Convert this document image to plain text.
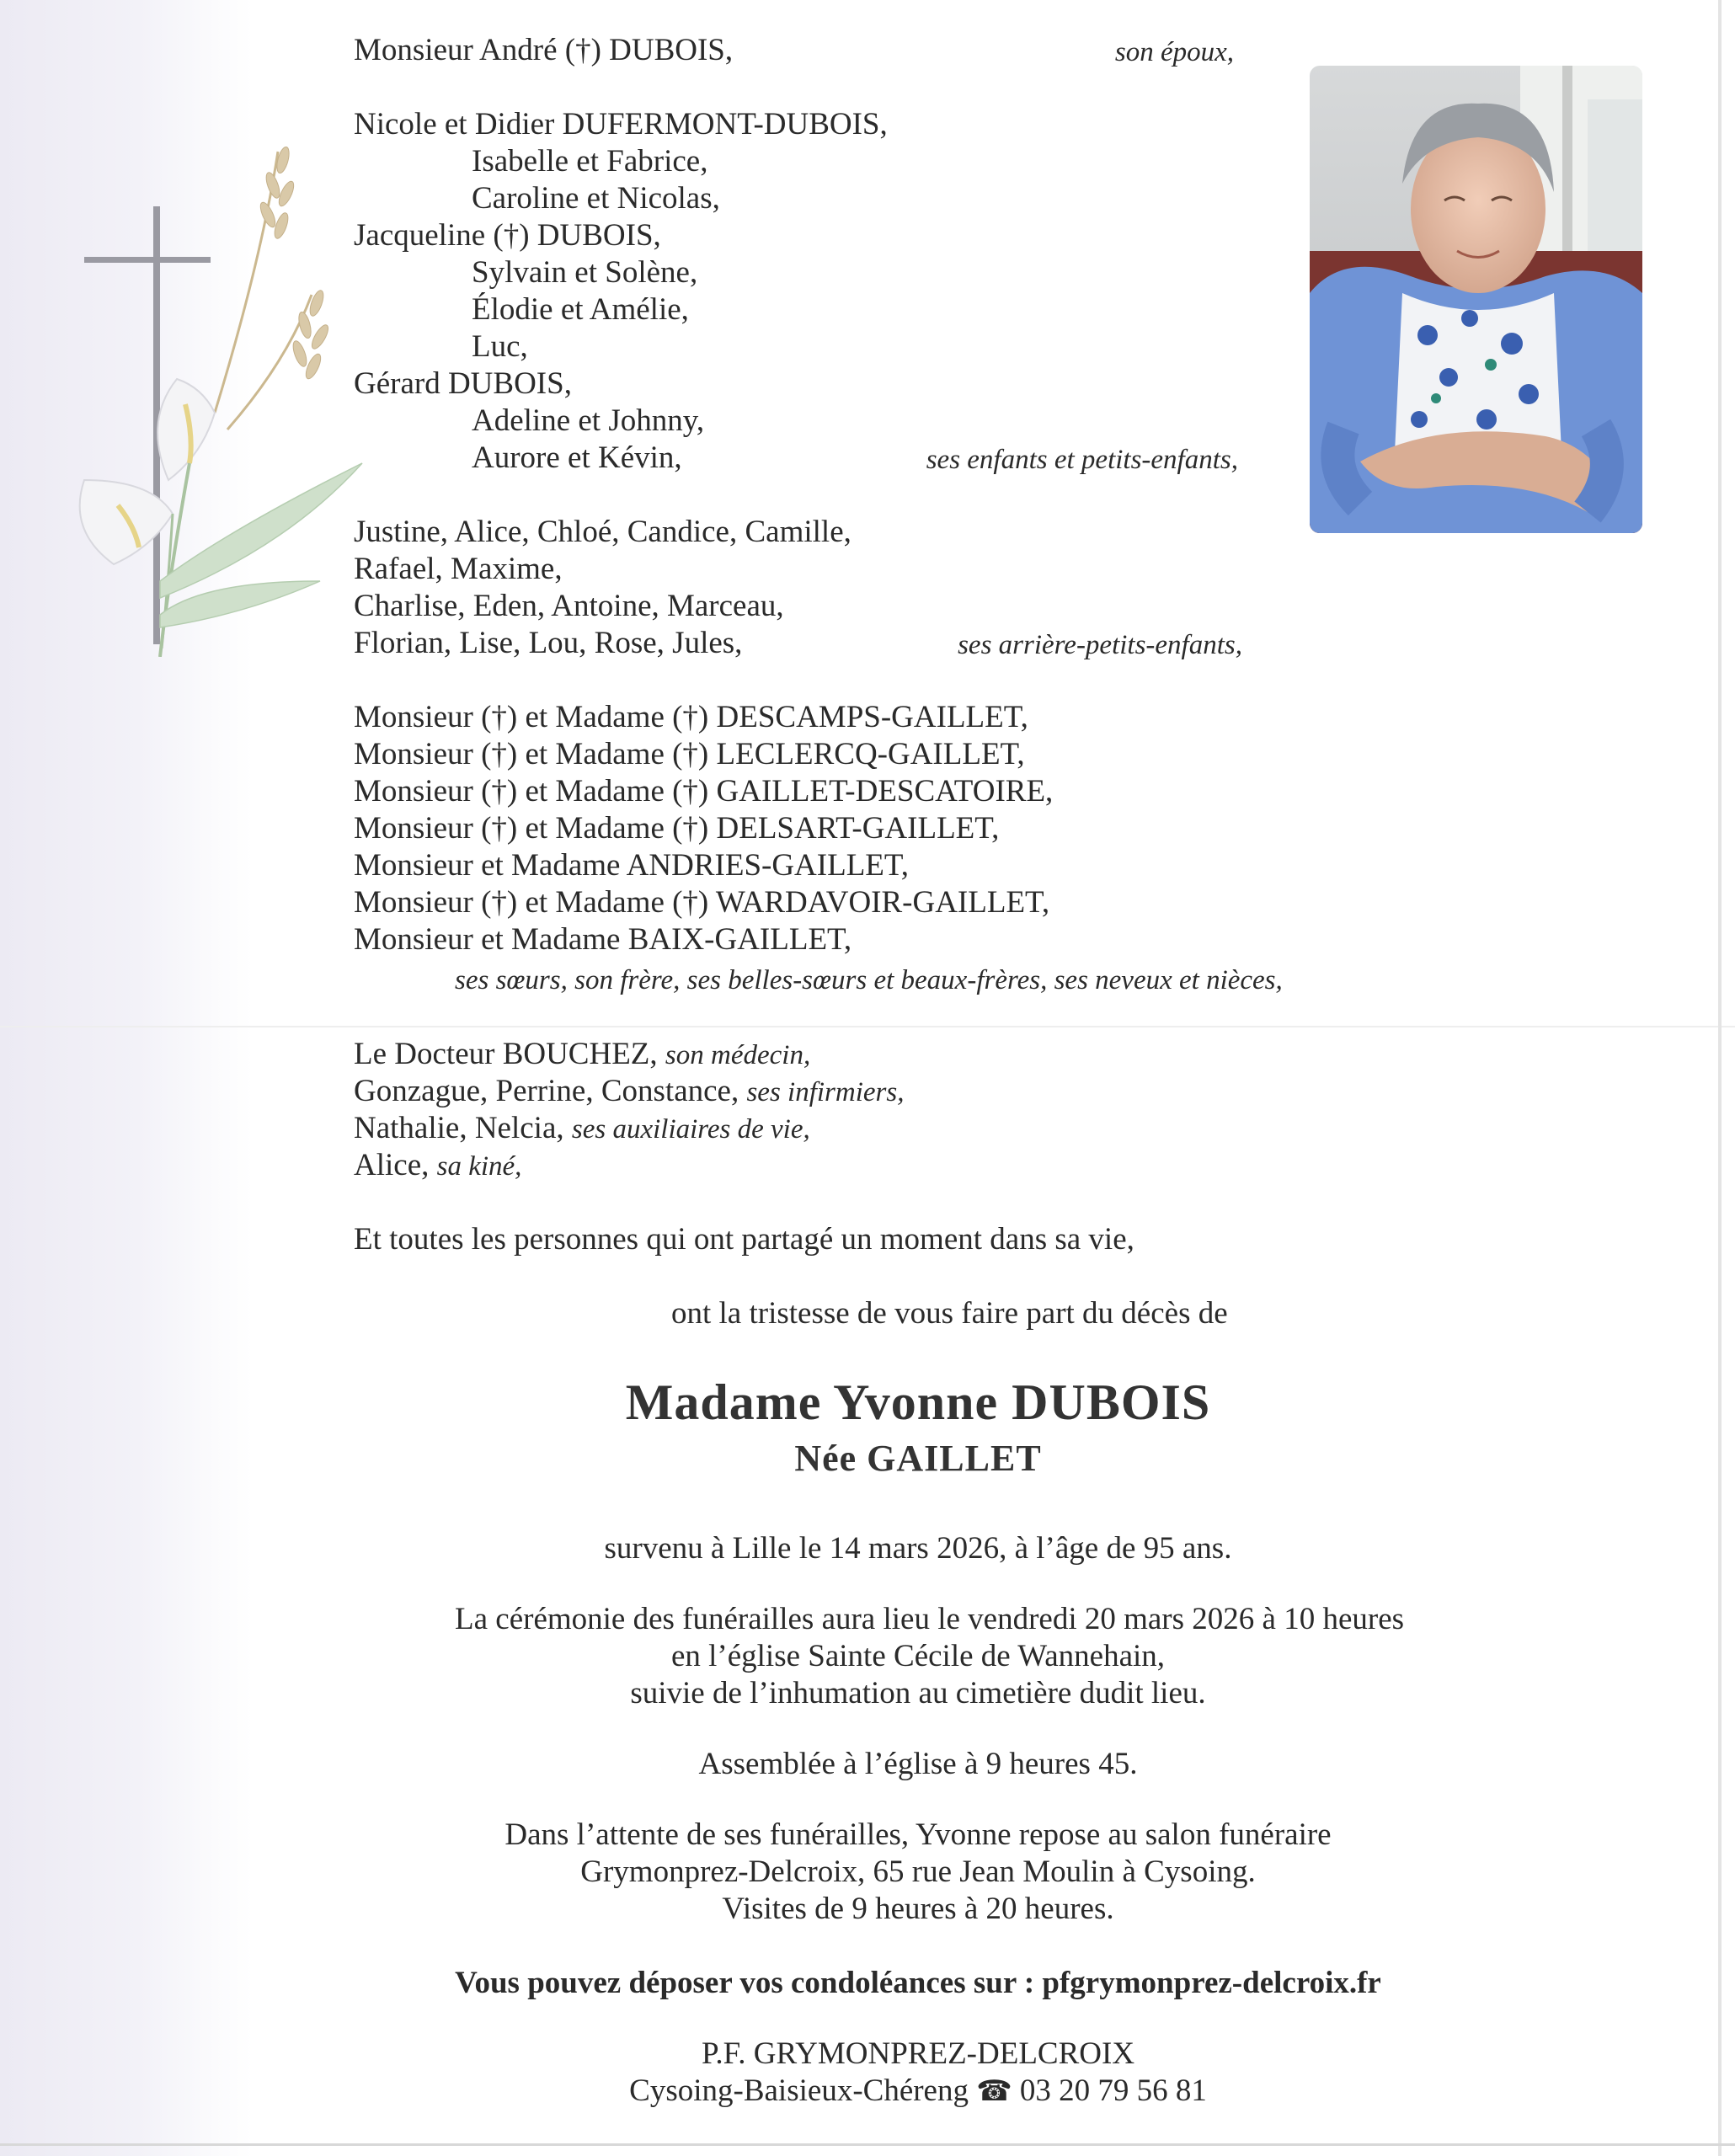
Monsieur André (†) DUBOIS,	son époux,
Nicole et Didier DUFERMONT-DUBOIS,
Isabelle et Fabrice,
Caroline et Nicolas,
Jacqueline (†) DUBOIS,
Sylvain et Solène,
Élodie et Amélie,
Luc,
Gérard DUBOIS,
Adeline et Johnny,
Aurore et Kévin,	ses enfants et petits-enfants,
Justine, Alice, Chloé, Candice, Camille,
Rafael, Maxime,
Charlise, Eden, Antoine, Marceau,
Florian, Lise, Lou, Rose, Jules,	ses arrière-petits-enfants,
Monsieur (†) et Madame (†) DESCAMPS-GAILLET,
Monsieur (†) et Madame (†) LECLERCQ-GAILLET,
Monsieur (†) et Madame (†) GAILLET-DESCATOIRE,
Monsieur (†) et Madame (†) DELSART-GAILLET,
Monsieur et Madame ANDRIES-GAILLET,
Monsieur (†) et Madame (†) WARDAVOIR-GAILLET,
Monsieur et Madame BAIX-GAILLET,
ses sœurs, son frère, ses belles-sœurs et beaux-frères, ses neveux et nièces,
Le Docteur BOUCHEZ, son médecin,
Gonzague, Perrine, Constance, ses infirmiers,
Nathalie, Nelcia, ses auxiliaires de vie,
Alice, sa kiné,
Et toutes les personnes qui ont partagé un moment dans sa vie,
ont la tristesse de vous faire part du décès de
Madame Yvonne DUBOIS
Née GAILLET
survenu à Lille le 14 mars 2026, à l’âge de 95 ans.
La cérémonie des funérailles aura lieu le vendredi 20 mars 2026 à 10 heures
en l’église Sainte Cécile de Wannehain,
suivie de l’inhumation au cimetière dudit lieu.
Assemblée à l’église à 9 heures 45.
Dans l’attente de ses funérailles, Yvonne repose au salon funéraire
Grymonprez-Delcroix, 65 rue Jean Moulin à Cysoing.
Visites de 9 heures à 20 heures.
Vous pouvez déposer vos condoléances sur : pfgrymonprez-delcroix.fr
P.F. GRYMONPREZ-DELCROIX
Cysoing-Baisieux-Chéreng ☎ 03 20 79 56 81
